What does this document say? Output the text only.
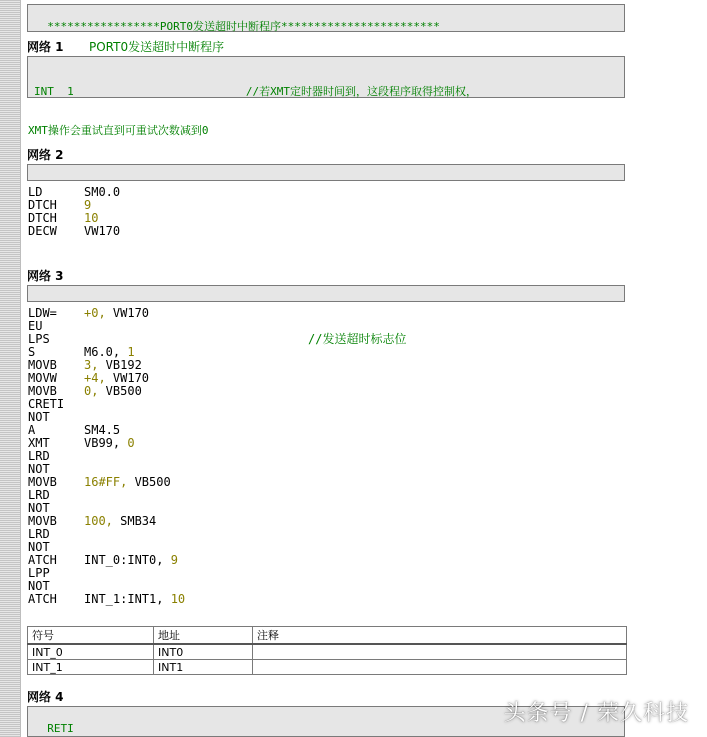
*****************PORT0发送超时中断程序************************

网络 1 PORT0发送超时中断程序

INT  1                          //若XMT定时器时间到，这段程序取得控制权，

XMT操作会重试直到可重试次数减到0

网络 2
LD	SM0.0
DTCH 9
DTCH 10
DECW VW170
网络 3
LDW= +0, VW170
EU
LPS	//发送超时标志位
S	M6.0, 1
MOVB 3, VB192
MOVW +4, VW170
MOVB 0, VB500
CRETI
NOT
A	SM4.5
XMT	VB99, 0
LRD
NOT
MOVB 16#FF, VB500
LRD
NOT
MOVB 100, SMB34
LRD
NOT
ATCH INT_0:INT0, 9
LPP
NOT
ATCH INT_1:INT1, 10
符号	地址	注释
INT_0	INT0	
INT_1	INT1	
网络 4

RETI

头条号 / 荣久科技
